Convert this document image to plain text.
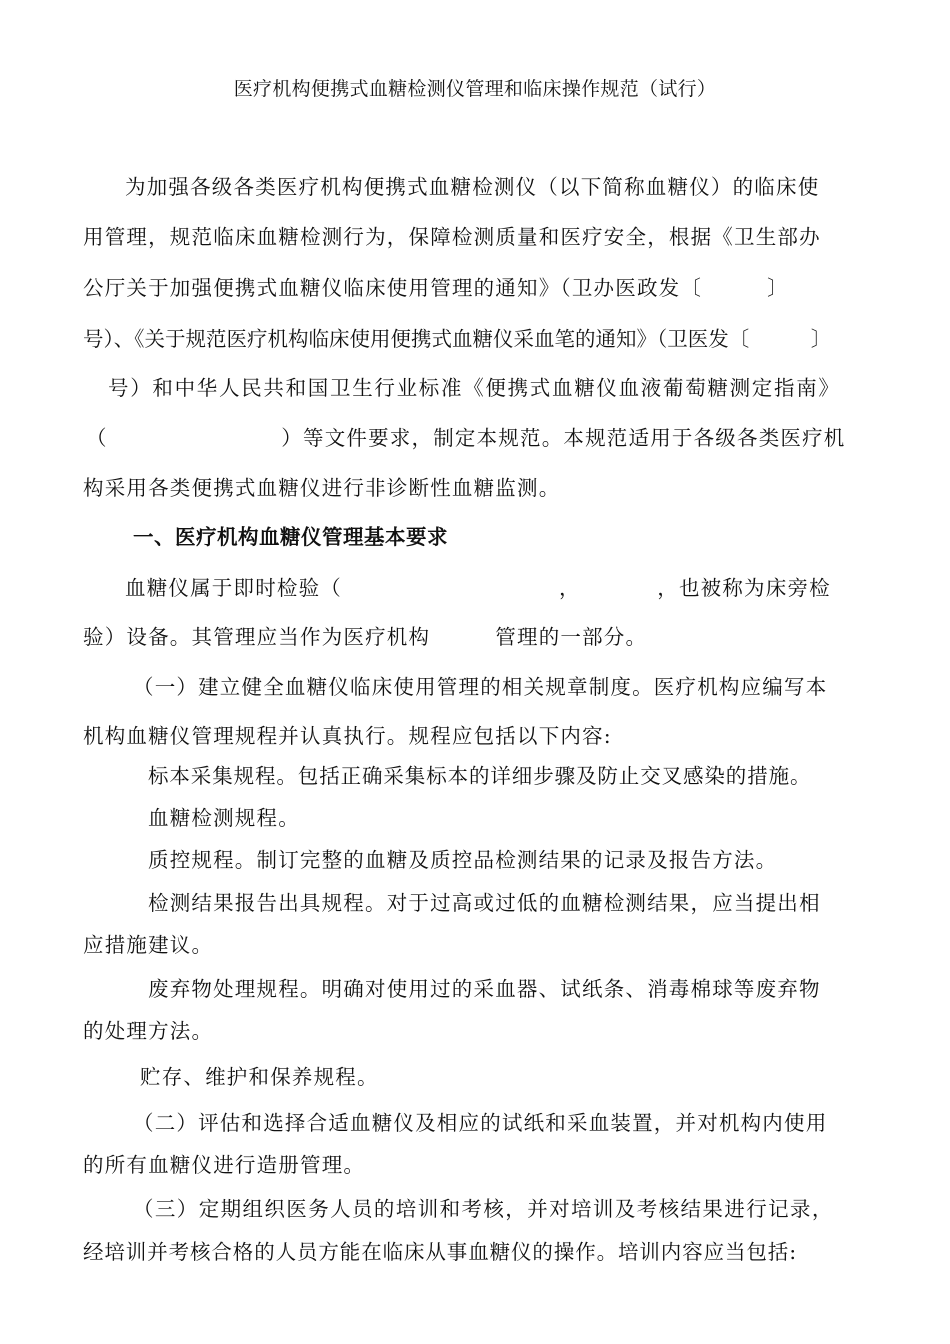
医疗机构便携式血糖检测仪管理和临床操作规范（试行）
为加强各级各类医疗机构便携式血糖检测仪（以下简称血糖仪）的临床使
用管理，规范临床血糖检测行为，保障检测质量和医疗安全，根据《卫生部办
公厅关于加强便携式血糖仪临床使用管理的通知》（卫办医政发〔　　　〕
号）、《关于规范医疗机构临床使用便携式血糖仪采血笔的通知》（卫医发〔　　　〕
号）和中华人民共和国卫生行业标准《便携式血糖仪血液葡萄糖测定指南》
（　　　　　　　　）等文件要求，制定本规范。本规范适用于各级各类医疗机
构采用各类便携式血糖仪进行非诊断性血糖监测。
一、医疗机构血糖仪管理基本要求
血糖仪属于即时检验（　　　　　　　　　　，　　　　，也被称为床旁检
验）设备。其管理应当作为医疗机构　　　管理的一部分。
（一）建立健全血糖仪临床使用管理的相关规章制度。医疗机构应编写本
机构血糖仪管理规程并认真执行。规程应包括以下内容:
标本采集规程。包括正确采集标本的详细步骤及防止交叉感染的措施。
血糖检测规程。
质控规程。制订完整的血糖及质控品检测结果的记录及报告方法。
检测结果报告出具规程。对于过高或过低的血糖检测结果，应当提出相
应措施建议。
废弃物处理规程。明确对使用过的采血器、试纸条、消毒棉球等废弃物
的处理方法。
贮存、维护和保养规程。
（二）评估和选择合适血糖仪及相应的试纸和采血装置，并对机构内使用
的所有血糖仪进行造册管理。
（三）定期组织医务人员的培训和考核，并对培训及考核结果进行记录，
经培训并考核合格的人员方能在临床从事血糖仪的操作。培训内容应当包括:
